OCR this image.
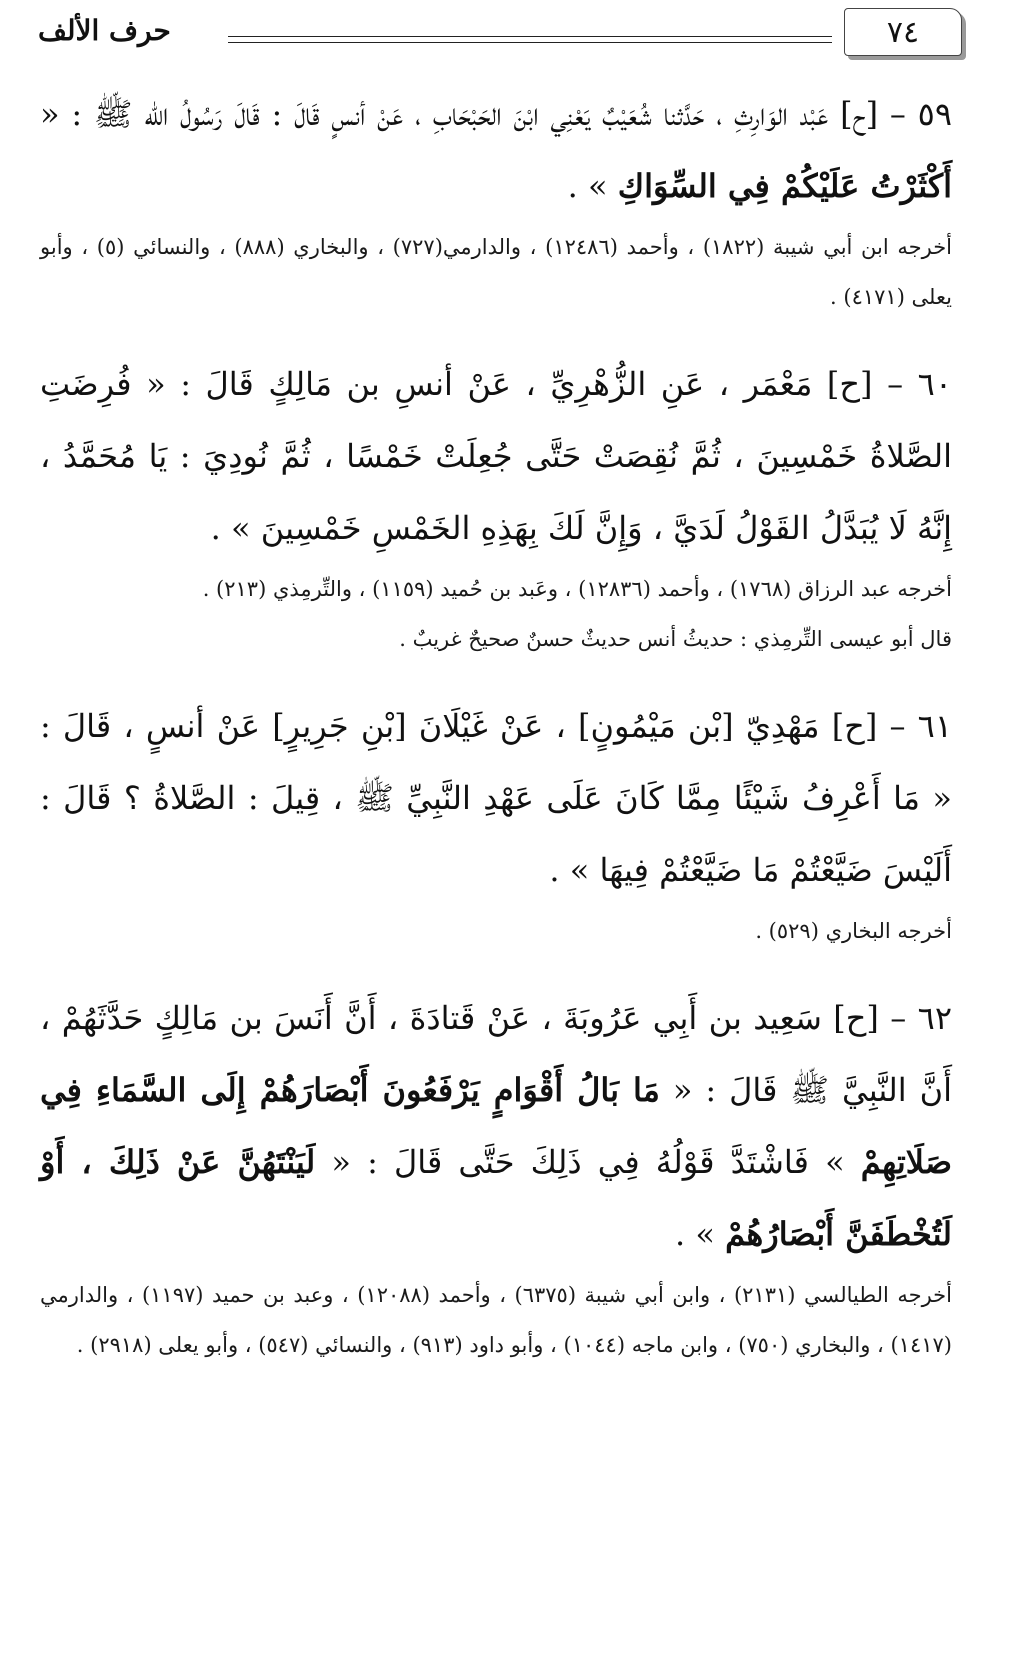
٧٤
حرف الألف

٥٩ – [ح] عَبْد الوَارِثِ ، حَدَّثنا شُعَيْبٌ يَعْنِي ابْنَ الحَبْحَابِ ، عَنْ أنسٍ قَالَ : قَالَ رَسُولُ الله ﷺ : « أَكْثَرْتُ عَلَيْكُمْ فِي السِّوَاكِ » .

أخرجه ابن أبي شيبة (١٨٢٢) ، وأحمد (١٢٤٨٦) ، والدارمي(٧٢٧) ، والبخاري (٨٨٨) ، والنسائي (٥) ، وأبو يعلى (٤١٧١) .

٦٠ – [ح] مَعْمَر ، عَنِ الزُّهْرِيِّ ، عَنْ أنسِ بن مَالِكٍ قَالَ : « فُرِضَتِ الصَّلاةُ خَمْسِينَ ، ثُمَّ نُقِصَتْ حَتَّى جُعِلَتْ خَمْسًا ، ثُمَّ نُودِيَ : يَا مُحَمَّدُ ، إِنَّهُ لَا يُبَدَّلُ القَوْلُ لَدَيَّ ، وَإِنَّ لَكَ بِهَذِهِ الخَمْسِ خَمْسِينَ » .

أخرجه عبد الرزاق (١٧٦٨) ، وأحمد (١٢٨٣٦) ، وعَبد بن حُميد (١١٥٩) ، والتِّرمِذي (٢١٣) .
قال أبو عيسى التِّرمِذي : حديثُ أنس حديثٌ حسنٌ صحيحٌ غريبٌ .

٦١ – [ح] مَهْدِيّ [بْن مَيْمُونٍ] ، عَنْ غَيْلَانَ [بْنِ جَرِيرٍ] عَنْ أنسٍ ، قَالَ : « مَا أَعْرِفُ شَيْئًا مِمَّا كَانَ عَلَى عَهْدِ النَّبِيِّ ﷺ ، قِيلَ : الصَّلاةُ ؟ قَالَ : أَلَيْسَ ضَيَّعْتُمْ مَا ضَيَّعْتُمْ فِيهَا » .

أخرجه البخاري (٥٢٩) .

٦٢ – [ح] سَعِيد بن أَبِي عَرُوبَةَ ، عَنْ قَتادَةَ ، أَنَّ أَنَسَ بن مَالِكٍ حَدَّثَهُمْ ، أَنَّ النَّبِيَّ ﷺ قَالَ : « مَا بَالُ أَقْوَامٍ يَرْفَعُونَ أَبْصَارَهُمْ إِلَى السَّمَاءِ فِي صَلَاتِهِمْ » فَاشْتَدَّ قَوْلُهُ فِي ذَلِكَ حَتَّى قَالَ : « لَيَنْتَهُنَّ عَنْ ذَلِكَ ، أَوْ لَتُخْطَفَنَّ أَبْصَارُهُمْ » .

أخرجه الطيالسي (٢١٣١) ، وابن أبي شيبة (٦٣٧٥) ، وأحمد (١٢٠٨٨) ، وعبد بن حميد (١١٩٧) ، والدارمي (١٤١٧) ، والبخاري (٧٥٠) ، وابن ماجه (١٠٤٤) ، وأبو داود (٩١٣) ، والنسائي (٥٤٧) ، وأبو يعلى (٢٩١٨) .
